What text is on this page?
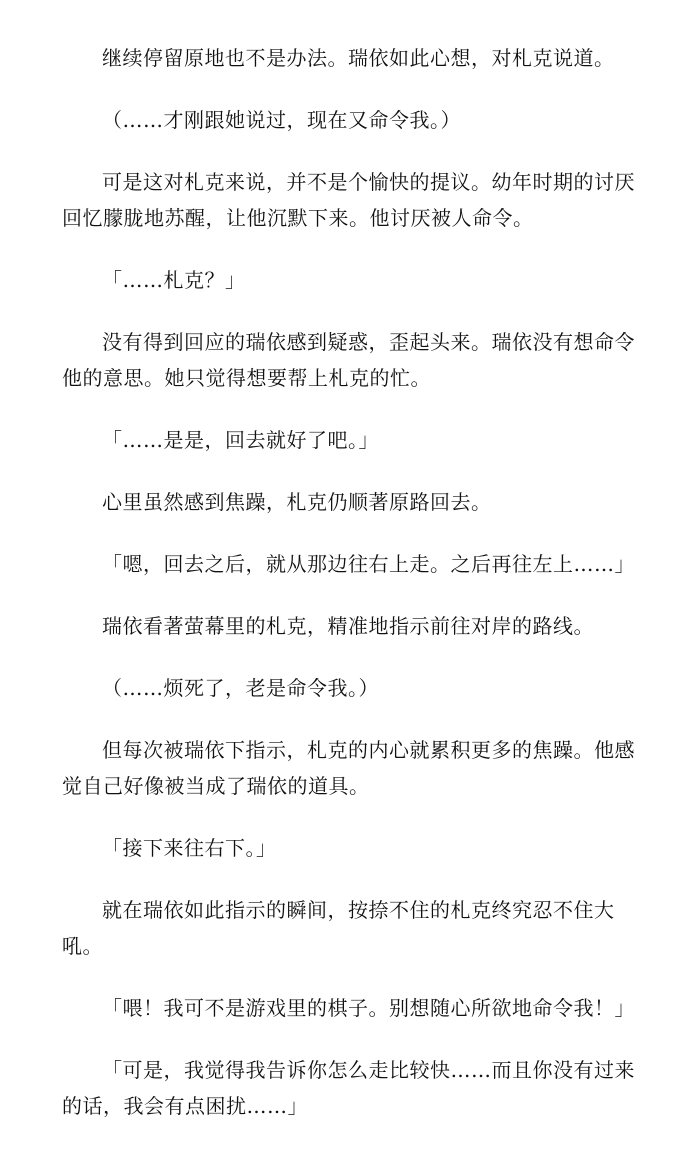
继续停留原地也不是办法。瑞依如此心想，对札克说道。

（……才刚跟她说过，现在又命令我。）

可是这对札克来说，并不是个愉快的提议。幼年时期的讨厌回忆朦胧地苏醒，让他沉默下来。他讨厌被人命令。

「……札克？」

没有得到回应的瑞依感到疑惑，歪起头来。瑞依没有想命令他的意思。她只觉得想要帮上札克的忙。

「……是是，回去就好了吧。」

心里虽然感到焦躁，札克仍顺著原路回去。

「嗯，回去之后，就从那边往右上走。之后再往左上……」

瑞依看著萤幕里的札克，精准地指示前往对岸的路线。

（……烦死了，老是命令我。）

但每次被瑞依下指示，札克的内心就累积更多的焦躁。他感觉自己好像被当成了瑞依的道具。

「接下来往右下。」

就在瑞依如此指示的瞬间，按捺不住的札克终究忍不住大吼。

「喂！我可不是游戏里的棋子。别想随心所欲地命令我！」

「可是，我觉得我告诉你怎么走比较快……而且你没有过来的话，我会有点困扰……」
